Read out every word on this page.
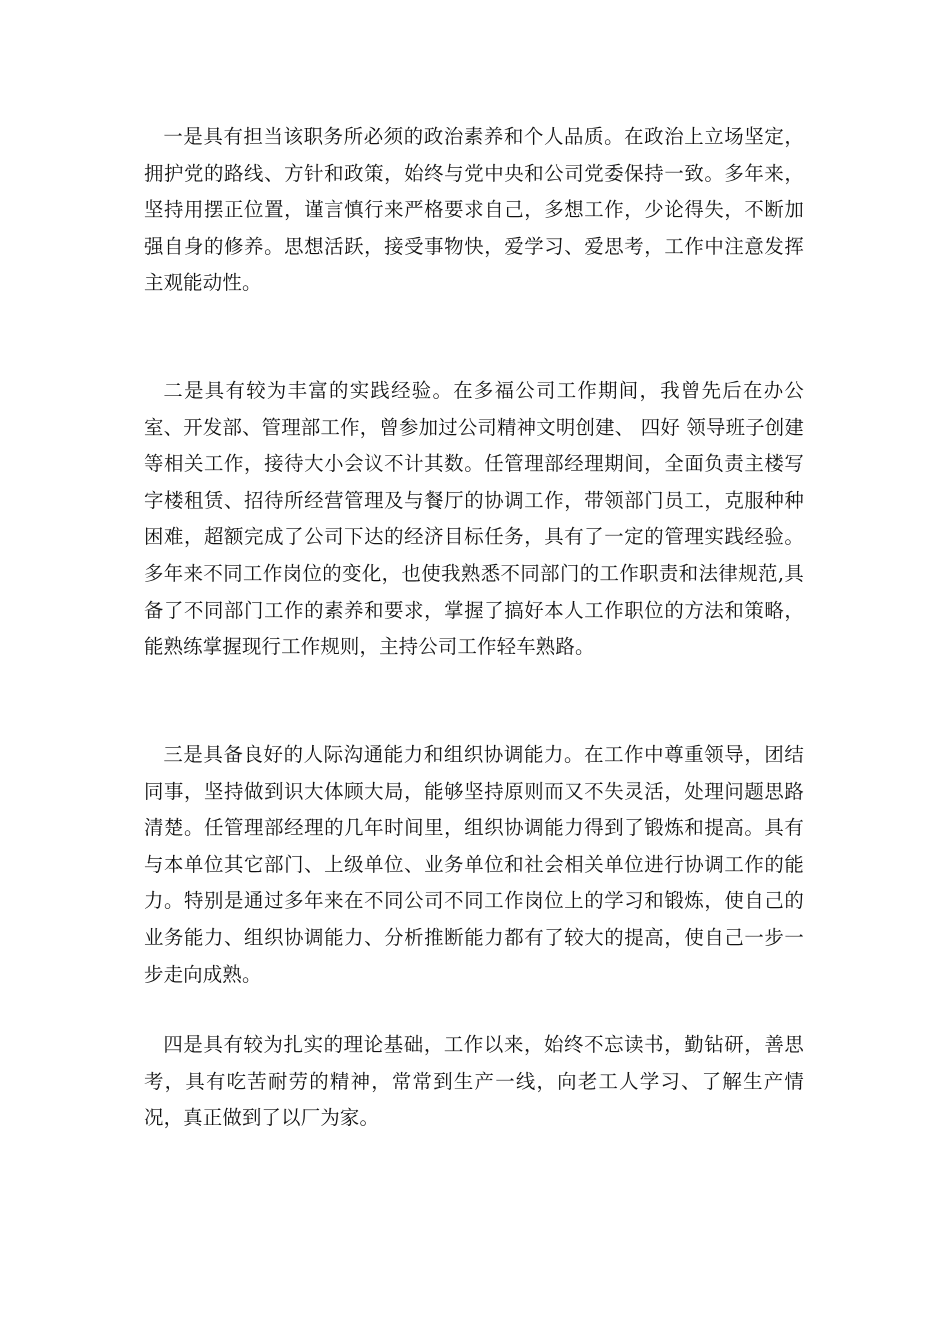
一是具有担当该职务所必须的政治素养和个人品质。在政治上立场坚定，拥护党的路线、方针和政策，始终与党中央和公司党委保持一致。多年来，坚持用摆正位置，谨言慎行来严格要求自己，多想工作，少论得失，不断加强自身的修养。思想活跃，接受事物快，爱学习、爱思考，工作中注意发挥主观能动性。

二是具有较为丰富的实践经验。在多福公司工作期间，我曾先后在办公室、开发部、管理部工作，曾参加过公司精神文明创建、 四好 领导班子创建等相关工作，接待大小会议不计其数。任管理部经理期间，全面负责主楼写字楼租赁、招待所经营管理及与餐厅的协调工作，带领部门员工，克服种种困难，超额完成了公司下达的经济目标任务，具有了一定的管理实践经验。多年来不同工作岗位的变化，也使我熟悉不同部门的工作职责和法律规范,具备了不同部门工作的素养和要求，掌握了搞好本人工作职位的方法和策略，能熟练掌握现行工作规则，主持公司工作轻车熟路。

三是具备良好的人际沟通能力和组织协调能力。在工作中尊重领导，团结同事，坚持做到识大体顾大局，能够坚持原则而又不失灵活，处理问题思路清楚。任管理部经理的几年时间里，组织协调能力得到了锻炼和提高。具有与本单位其它部门、上级单位、业务单位和社会相关单位进行协调工作的能力。特别是通过多年来在不同公司不同工作岗位上的学习和锻炼，使自己的业务能力、组织协调能力、分析推断能力都有了较大的提高，使自己一步一步走向成熟。

四是具有较为扎实的理论基础，工作以来，始终不忘读书，勤钻研，善思考，具有吃苦耐劳的精神，常常到生产一线，向老工人学习、了解生产情况，真正做到了以厂为家。
